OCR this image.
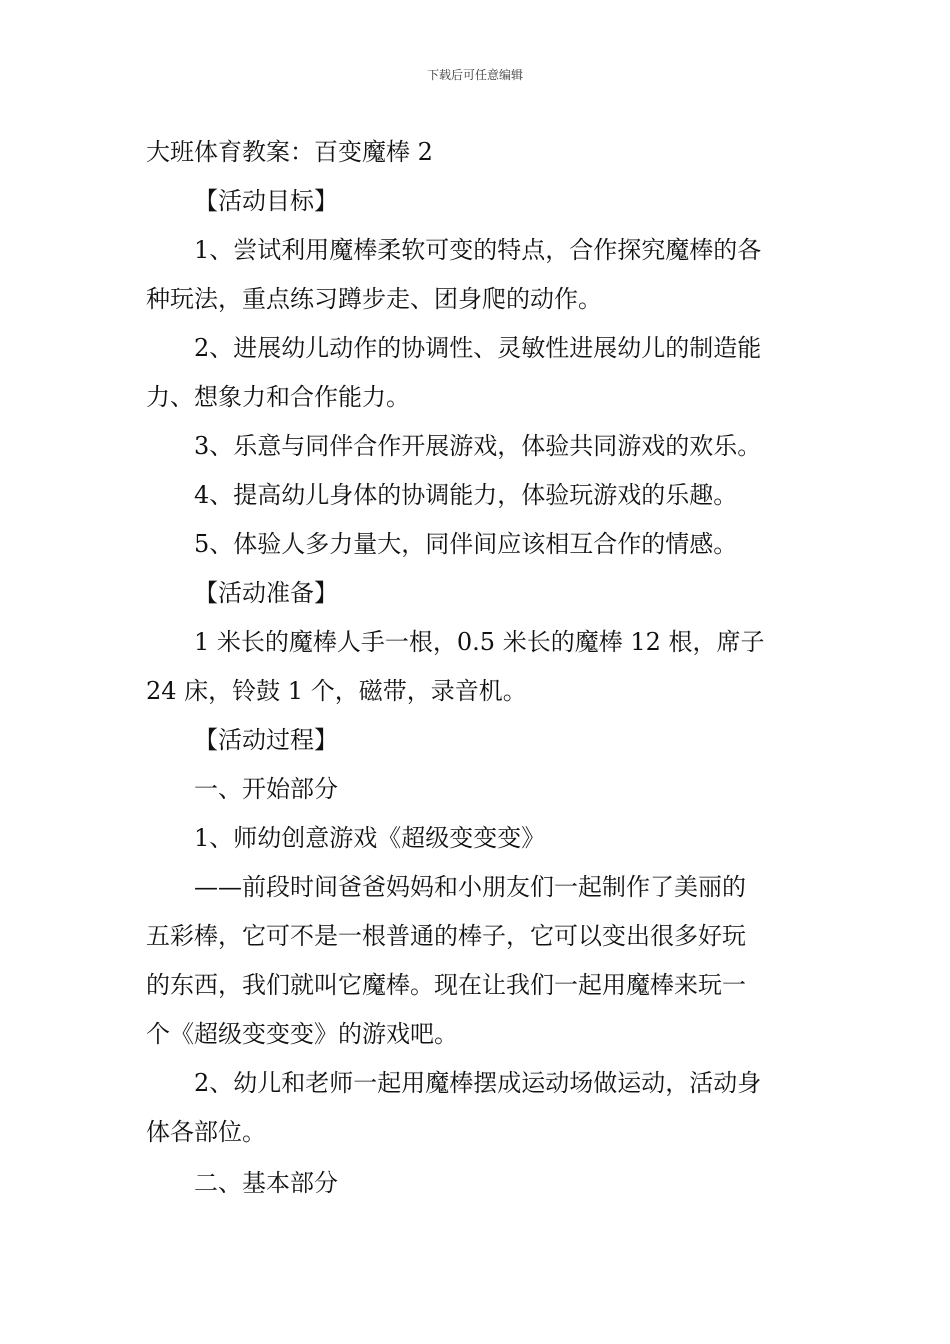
下载后可任意编辑
大班体育教案：百变魔棒 2
【活动目标】
1、尝试利用魔棒柔软可变的特点，合作探究魔棒的各
种玩法，重点练习蹲步走、团身爬的动作。
2、进展幼儿动作的协调性、灵敏性进展幼儿的制造能
力、想象力和合作能力。
3、乐意与同伴合作开展游戏，体验共同游戏的欢乐。
4、提高幼儿身体的协调能力，体验玩游戏的乐趣。
5、体验人多力量大，同伴间应该相互合作的情感。
【活动准备】
1 米长的魔棒人手一根，0.5 米长的魔棒 12 根，席子
24 床，铃鼓 1 个，磁带，录音机。
【活动过程】
一、开始部分
1、师幼创意游戏《超级变变变》
——前段时间爸爸妈妈和小朋友们一起制作了美丽的
五彩棒，它可不是一根普通的棒子，它可以变出很多好玩
的东西，我们就叫它魔棒。现在让我们一起用魔棒来玩一
个《超级变变变》的游戏吧。
2、幼儿和老师一起用魔棒摆成运动场做运动，活动身
体各部位。
二、基本部分
